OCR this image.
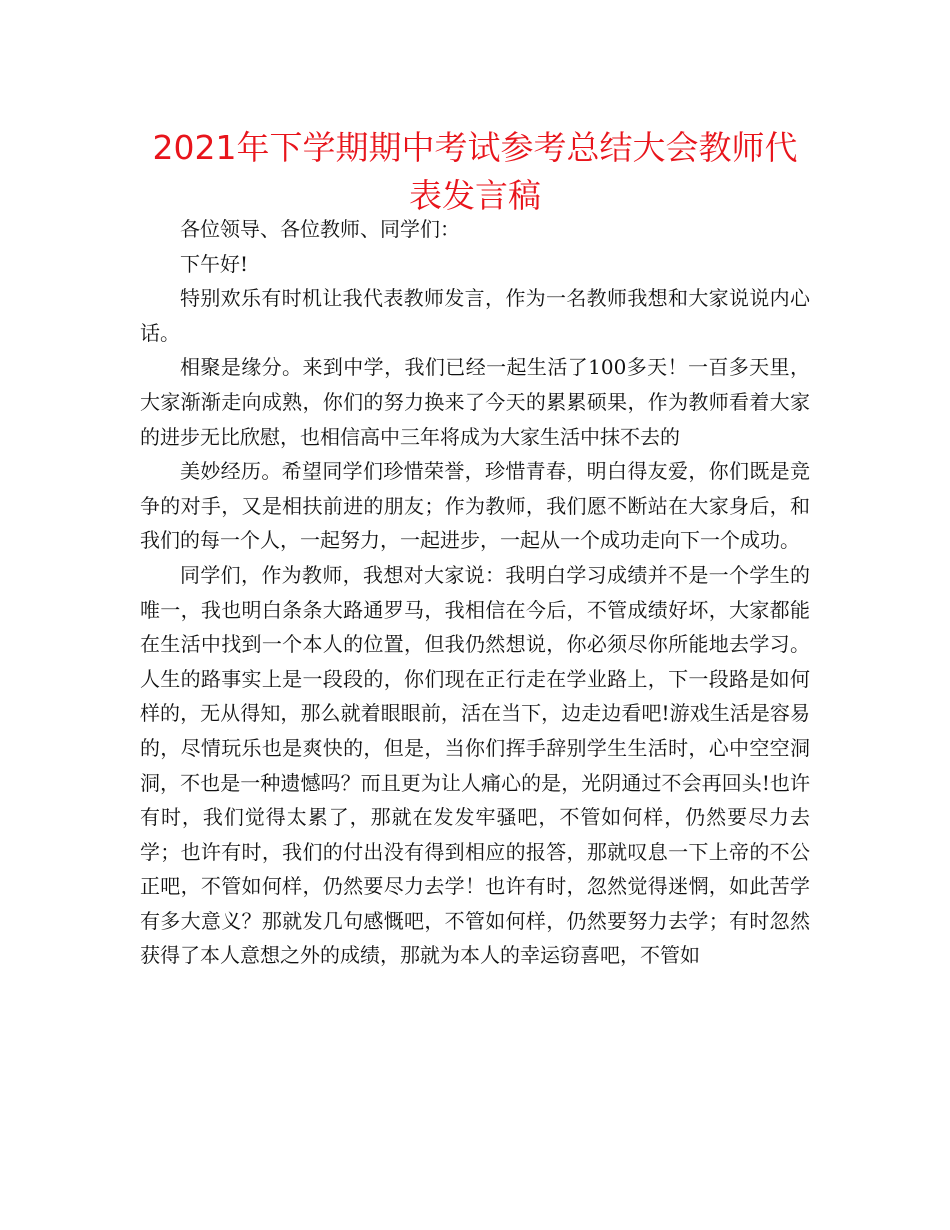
2021年下学期期中考试参考总结大会教师代表发言稿

各位领导、各位教师、同学们：

下午好!

特别欢乐有时机让我代表教师发言，作为一名教师我想和大家说说内心话。

相聚是缘分。来到中学，我们已经一起生活了100多天！一百多天里，大家渐渐走向成熟，你们的努力换来了今天的累累硕果，作为教师看着大家的进步无比欣慰，也相信高中三年将成为大家生活中抹不去的

美妙经历。希望同学们珍惜荣誉，珍惜青春，明白得友爱，你们既是竞争的对手，又是相扶前进的朋友；作为教师，我们愿不断站在大家身后，和我们的每一个人，一起努力，一起进步，一起从一个成功走向下一个成功。

同学们，作为教师，我想对大家说：我明白学习成绩并不是一个学生的唯一，我也明白条条大路通罗马，我相信在今后，不管成绩好坏，大家都能在生活中找到一个本人的位置，但我仍然想说，你必须尽你所能地去学习。人生的路事实上是一段段的，你们现在正行走在学业路上，下一段路是如何样的，无从得知，那么就着眼眼前，活在当下，边走边看吧!游戏生活是容易的，尽情玩乐也是爽快的，但是，当你们挥手辞别学生生活时，心中空空洞洞，不也是一种遗憾吗？而且更为让人痛心的是，光阴通过不会再回头!也许有时，我们觉得太累了，那就在发发牢骚吧，不管如何样，仍然要尽力去学；也许有时，我们的付出没有得到相应的报答，那就叹息一下上帝的不公正吧，不管如何样，仍然要尽力去学！也许有时，忽然觉得迷惘，如此苦学有多大意义？那就发几句感慨吧，不管如何样，仍然要努力去学；有时忽然获得了本人意想之外的成绩，那就为本人的幸运窃喜吧，不管如
